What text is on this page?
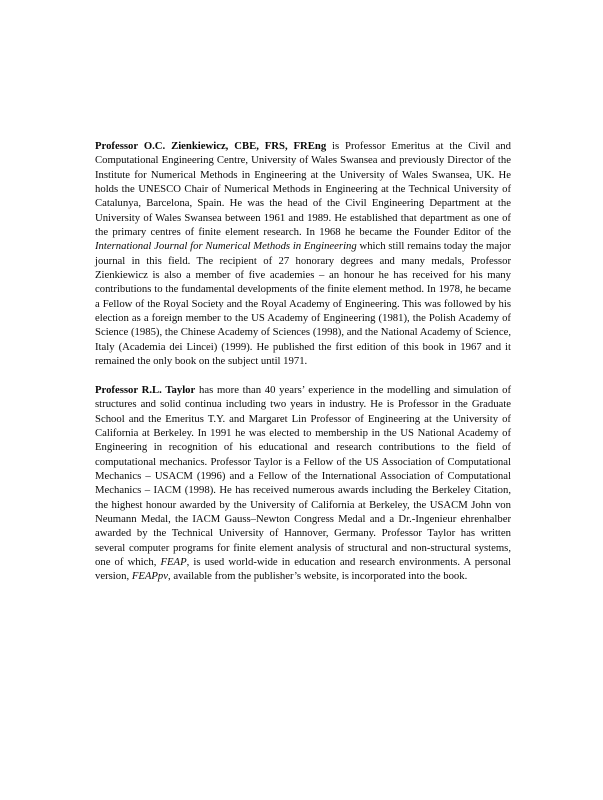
Professor O.C. Zienkiewicz, CBE, FRS, FREng is Professor Emeritus at the Civil and Computational Engineering Centre, University of Wales Swansea and previously Director of the Institute for Numerical Methods in Engineering at the University of Wales Swansea, UK. He holds the UNESCO Chair of Numerical Methods in Engineering at the Technical University of Catalunya, Barcelona, Spain. He was the head of the Civil Engineering Department at the University of Wales Swansea between 1961 and 1989. He established that department as one of the primary centres of finite element research. In 1968 he became the Founder Editor of the International Journal for Numerical Methods in Engineering which still remains today the major journal in this field. The recipient of 27 honorary degrees and many medals, Professor Zienkiewicz is also a member of five academies – an honour he has received for his many contributions to the fundamental developments of the finite element method. In 1978, he became a Fellow of the Royal Society and the Royal Academy of Engineering. This was followed by his election as a foreign member to the US Academy of Engineering (1981), the Polish Academy of Science (1985), the Chinese Academy of Sciences (1998), and the National Academy of Science, Italy (Academia dei Lincei) (1999). He published the first edition of this book in 1967 and it remained the only book on the subject until 1971.

Professor R.L. Taylor has more than 40 years’ experience in the modelling and simulation of structures and solid continua including two years in industry. He is Professor in the Graduate School and the Emeritus T.Y. and Margaret Lin Professor of Engineering at the University of California at Berkeley. In 1991 he was elected to membership in the US National Academy of Engineering in recognition of his educational and research contributions to the field of computational mechanics. Professor Taylor is a Fellow of the US Association of Computational Mechanics – USACM (1996) and a Fellow of the International Association of Computational Mechanics – IACM (1998). He has received numerous awards including the Berkeley Citation, the highest honour awarded by the University of California at Berkeley, the USACM John von Neumann Medal, the IACM Gauss–Newton Congress Medal and a Dr.-Ingenieur ehrenhalber awarded by the Technical University of Hannover, Germany. Professor Taylor has written several computer programs for finite element analysis of structural and non-structural systems, one of which, FEAP, is used world-wide in education and research environments. A personal version, FEAPpv, available from the publisher’s website, is incorporated into the book.
